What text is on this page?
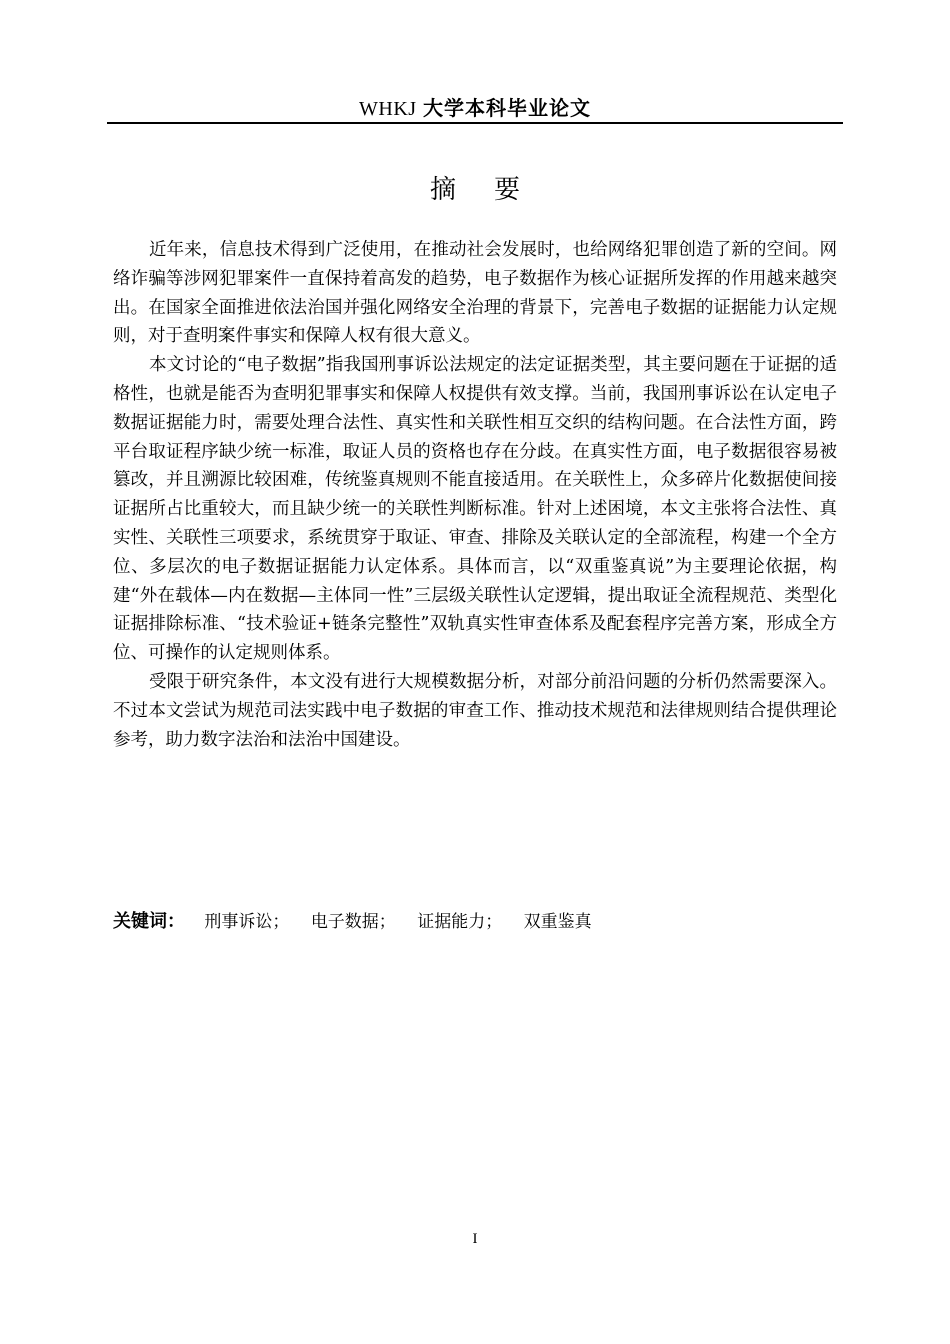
WHKJ 大学本科毕业论文
摘要

近年来，信息技术得到广泛使用，在推动社会发展时，也给网络犯罪创造了新的空间。网络诈骗等涉网犯罪案件一直保持着高发的趋势，电子数据作为核心证据所发挥的作用越来越突出。在国家全面推进依法治国并强化网络安全治理的背景下，完善电子数据的证据能力认定规则，对于查明案件事实和保障人权有很大意义。

本文讨论的“电子数据”指我国刑事诉讼法规定的法定证据类型，其主要问题在于证据的适格性，也就是能否为查明犯罪事实和保障人权提供有效支撑。当前，我国刑事诉讼在认定电子数据证据能力时，需要处理合法性、真实性和关联性相互交织的结构问题。在合法性方面，跨平台取证程序缺少统一标准，取证人员的资格也存在分歧。在真实性方面，电子数据很容易被篡改，并且溯源比较困难，传统鉴真规则不能直接适用。在关联性上，众多碎片化数据使间接证据所占比重较大，而且缺少统一的关联性判断标准。针对上述困境，本文主张将合法性、真实性、关联性三项要求，系统贯穿于取证、审查、排除及关联认定的全部流程，构建一个全方位、多层次的电子数据证据能力认定体系。具体而言，以“双重鉴真说”为主要理论依据，构建“外在载体—内在数据—主体同一性”三层级关联性认定逻辑，提出取证全流程规范、类型化证据排除标准、“技术验证+链条完整性”双轨真实性审查体系及配套程序完善方案，形成全方位、可操作的认定规则体系。

受限于研究条件，本文没有进行大规模数据分析，对部分前沿问题的分析仍然需要深入。不过本文尝试为规范司法实践中电子数据的审查工作、推动技术规范和法律规则结合提供理论参考，助力数字法治和法治中国建设。

关键词： 刑事诉讼； 电子数据； 证据能力； 双重鉴真
I
